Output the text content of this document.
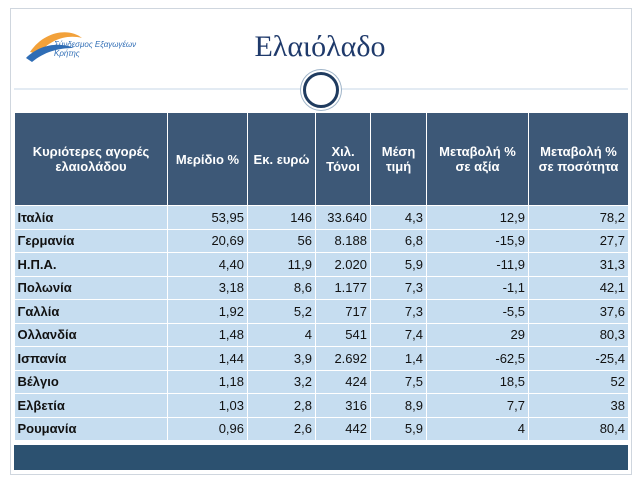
Σύνδεσμος Εξαγωγέων Κρήτης	Ελαιόλαδο
Κυριότερες αγορές ελαιολάδου	Μερίδιο %	Εκ. ευρώ	Χιλ. Τόνοι	Μέση τιμή	Μεταβολή % σε αξία	Μεταβολή % σε ποσότητα
Ιταλία	53,95	146	33.640	4,3	12,9	78,2
Γερμανία	20,69	56	8.188	6,8	-15,9	27,7
Η.Π.Α.	4,40	11,9	2.020	5,9	-11,9	31,3
Πολωνία	3,18	8,6	1.177	7,3	-1,1	42,1
Γαλλία	1,92	5,2	717	7,3	-5,5	37,6
Ολλανδία	1,48	4	541	7,4	29	80,3
Ισπανία	1,44	3,9	2.692	1,4	-62,5	-25,4
Βέλγιο	1,18	3,2	424	7,5	18,5	52
Ελβετία	1,03	2,8	316	8,9	7,7	38
Ρουμανία	0,96	2,6	442	5,9	4	80,4
